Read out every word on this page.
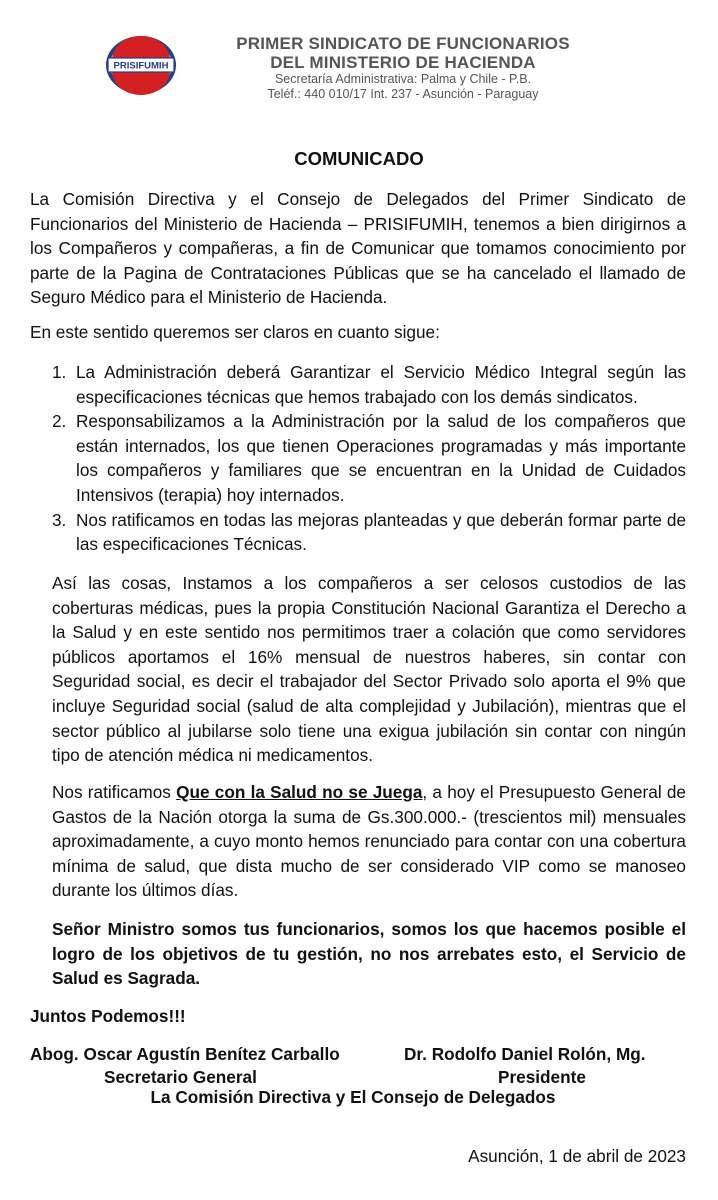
PRISIFUMIH
PRIMER SINDICATO DE FUNCIONARIOS
DEL MINISTERIO DE HACIENDA
Secretaría Administrativa: Palma y Chile - P.B.
Teléf.: 440 010/17 Int. 237 - Asunción - Paraguay
COMUNICADO
La Comisión Directiva y el Consejo de Delegados del Primer Sindicato de Funcionarios del Ministerio de Hacienda – PRISIFUMIH, tenemos a bien dirigirnos a los Compañeros y compañeras, a fin de Comunicar que tomamos conocimiento por parte de la Pagina de Contrataciones Públicas que se ha cancelado el llamado de Seguro Médico para el Ministerio de Hacienda.
En este sentido queremos ser claros en cuanto sigue:
1. La Administración deberá Garantizar el Servicio Médico Integral según las especificaciones técnicas que hemos trabajado con los demás sindicatos.
2. Responsabilizamos a la Administración por la salud de los compañeros que están internados, los que tienen Operaciones programadas y más importante los compañeros y familiares que se encuentran en la Unidad de Cuidados Intensivos (terapia) hoy internados.
3. Nos ratificamos en todas las mejoras planteadas y que deberán formar parte de las especificaciones Técnicas.
Así las cosas, Instamos a los compañeros a ser celosos custodios de las coberturas médicas, pues la propia Constitución Nacional Garantiza el Derecho a la Salud y en este sentido nos permitimos traer a colación que como servidores públicos aportamos el 16% mensual de nuestros haberes, sin contar con Seguridad social, es decir el trabajador del Sector Privado solo aporta el 9% que incluye Seguridad social (salud de alta complejidad y Jubilación), mientras que el sector público al jubilarse solo tiene una exigua jubilación sin contar con ningún tipo de atención médica ni medicamentos.
Nos ratificamos Que con la Salud no se Juega, a hoy el Presupuesto General de Gastos de la Nación otorga la suma de Gs.300.000.- (trescientos mil) mensuales aproximadamente, a cuyo monto hemos renunciado para contar con una cobertura mínima de salud, que dista mucho de ser considerado VIP como se manoseo durante los últimos días.
Señor Ministro somos tus funcionarios, somos los que hacemos posible el logro de los objetivos de tu gestión, no nos arrebates esto, el Servicio de Salud es Sagrada.
Juntos Podemos!!!
Abog. Oscar Agustín Benítez Carballo	Dr. Rodolfo Daniel Rolón, Mg.
Secretario General	Presidente
La Comisión Directiva y El Consejo de Delegados
Asunción, 1 de abril de 2023
